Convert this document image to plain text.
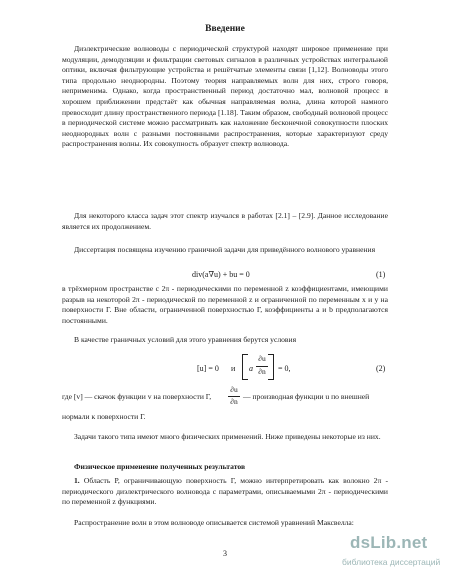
Введение
Диэлектрические волноводы с периодической структурой находят широкое применение при модуляции, демодуляции и фильтрации световых сигналов в различных устройствах интегральной оптики, включая фильтрующие устройства и решётчатые элементы связи [1,12]. Волноводы этого типа продольно неоднородны. Поэтому теория направляемых волн для них, строго говоря, неприменима. Однако, когда пространственный период достаточно мал, волновой процесс в хорошем приближении предстаёт как обычная направляемая волна, длина которой намного превосходит длину пространственного периода [1.18]. Таким образом, свободный волновой процесс в периодической системе можно рассматривать как наложение бесконечной совокупности плоских неоднородных волн с разными постоянными распространения, которые характеризуют среду распространения волны. Их совокупность образует спектр волновода.
Для некоторого класса задач этот спектр изучался в работах [2.1] – [2.9]. Данное исследование является их продолжением.
Диссертация посвящена изучению граничной задачи для приведённого волнового уравнения
div(a∇u) + bu = 0	(1)
в трёхмерном пространстве с 2π - периодическими по переменной z коэффициентами, имеющими разрыв на некоторой 2π - периодической по переменной z и ограниченной по переменным x и y на поверхности Γ. Вне области, ограниченной поверхностью Γ, коэффициенты a и b предполагаются постоянными.
В качестве граничных условий для этого уравнения берутся условия
[u] = 0 и a
∂u
∂n	= 0,	(2)
где [v] — скачок функции v на поверхности Γ,
∂u
∂n
— производная функции u по внешней
нормали к поверхности Γ.
Задачи такого типа имеют много физических применений. Ниже приведены некоторые из них.
Физическое применение полученных результатов
1. Область P, ограничивающую поверхность Γ, можно интерпретировать как волокно 2π - периодического диэлектрического волновода с параметрами, описываемыми 2π - периодическими по переменной z функциями.
Распространение волн в этом волноводе описывается системой уравнений Максвелла:
3
dsLib.net
библиотека диссертаций
